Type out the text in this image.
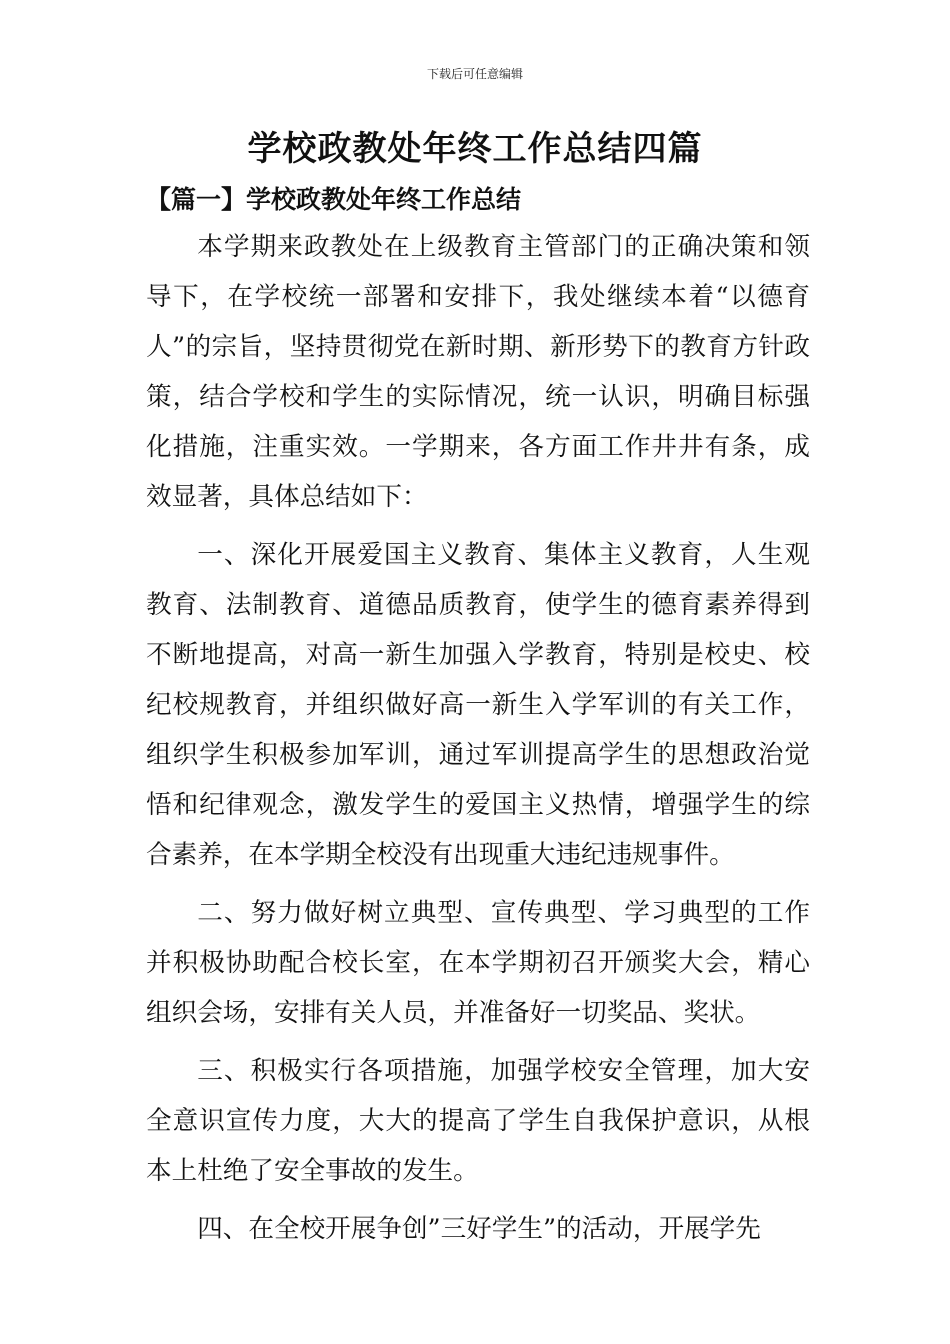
下载后可任意编辑
学校政教处年终工作总结四篇
【篇一】学校政教处年终工作总结

本学期来政教处在上级教育主管部门的正确决策和领导下，在学校统一部署和安排下，我处继续本着“以德育人”的宗旨，坚持贯彻党在新时期、新形势下的教育方针政策，结合学校和学生的实际情况，统一认识，明确目标强化措施，注重实效。一学期来，各方面工作井井有条，成效显著，具体总结如下：

一、深化开展爱国主义教育、集体主义教育，人生观教育、法制教育、道德品质教育，使学生的德育素养得到不断地提高，对高一新生加强入学教育，特别是校史、校纪校规教育，并组织做好高一新生入学军训的有关工作，组织学生积极参加军训，通过军训提高学生的思想政治觉悟和纪律观念，激发学生的爱国主义热情，增强学生的综合素养，在本学期全校没有出现重大违纪违规事件。

二、努力做好树立典型、宣传典型、学习典型的工作并积极协助配合校长室，在本学期初召开颁奖大会，精心组织会场，安排有关人员，并准备好一切奖品、奖状。

三、积极实行各项措施，加强学校安全管理，加大安全意识宣传力度，大大的提高了学生自我保护意识，从根本上杜绝了安全事故的发生。

四、在全校开展争创”三好学生”的活动，开展学先
